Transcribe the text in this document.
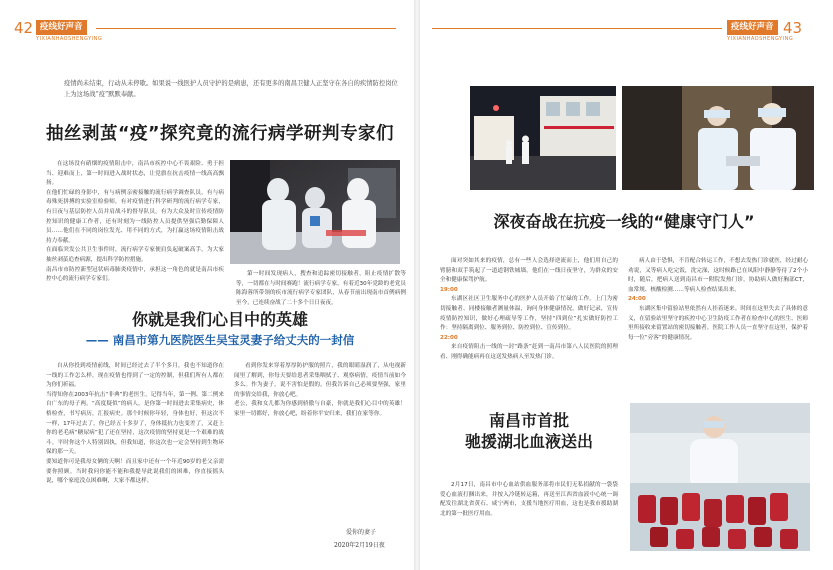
42 疫线好声音
YIXIANHAOSHENGYING
疫线好声音
YIXIANHAOSHENGYING
43
疫情尚未结束，行动从未停歇。如果说一线医护人员守护的是病患，还有更多的南昌卫健人正坚守在各自的疾情防控岗位上为这场战“疫”默默奉献。
抽丝剥茧“疫”探究竟的流行病学研判专家们
在这场没有硝烟的疫情阻击中，南昌市疾控中心不畏艰险、勇于担当、迎难而上，第一时间进入战时状态，让党旗在抗击疫情一线高高飘扬。
在他们忙碌的身影中，有与病例亲密接触的流行病学调查队员，有与病毒殊死拼搏的实验室检验师，有对疫情进行科学研判的流行病学专家，有日夜与基层防控人员并肩战斗的督导队员，有为大众及时宣传疫情防控知识的健康工作者，还有时刻为一线防控人员提供坚强后勤保障人员……他们在不同的岗位发光、用不同的方式，为打赢这场疫情阻击战持力奉献。
在面临突发公共卫生事件时，流行病学专家便肩负起破案高手，为大家抽丝剥茧追查病源，提出科学防控措施。
南昌市市防控新型冠状病毒肺炎疫情中，承担这一角色的就是南昌市疾控中心的流行病学专家们。
第一时间发现病人，搜查和追踪密切接触者，阻止疫情扩散等等，一切都在与时间赛跑！流行病学专家，有着近30年党龄的老党员陈海蓉所带领的疾市流行病学专家团队，从春节前出现南市首例病例至今，已连续奋战了二十多个日日夜夜。
你就是我们心目中的英雄
—— 南昌市第九医院医生吴宝灵妻子给丈夫的一封信
自从你投到疫情前线，时间已经过去了半个多月，我也不知道你在一线的工作怎么样，现在疫情也得到了一定的控制，但我们所有人都在为你们祈福。
当得知你在2003年抗击“非典”的老医生，记得当年，第一例、第二例来自广东的母子两，“高度疑似”的病人，是你第一时间进去采集病史，体格检查，书写病历，汇报病史。那个时候你年轻，身体也好，但这次不一样，17年过去了，你已经五十多岁了，身体抵抗力也变差了，又赶上你的老毛病“糖尿病”犯了还在坚持，这次疫情的坚持更是一个艰难的战斗。平时你这个人特别固执，但我知道，你这次也一定会坚持到生物环保的那一天。
要知道你可是我母女俩的天啊！而且家中还有一个年近90岁的老父亲需要你照顾。当时我问你能不能和我提导此说我们的困难，你直接摇头说，哪个家庭没点困难啊，大家不都这样。
看到你发来穿着厚厚防护服的照片，我的眼睛湿润了，从电视新闻里了解到，你每天要给患者采集咽拭子、观察病情，疫情当前如今多么。作为妻子，说不害怕是假的，但我告诉自己必须要坚强，家里的事情交给我，你放心吧。
老公，我和女儿都为你感到骄傲与自豪，你就是我们心目中的英雄！家里一切都好，你放心吧，盼着你平安归来，我们在家等你。
爱你的妻子
2020年2月19日夜
深夜奋战在抗疫一线的“健康守门人”

面对突如其来的疫情，总有一些人会选择逆流而上，他们用自己的臂膀和双手筑起了一道道钢铁城墙。他们在一线日夜坚守，为群众的安全和健康保驾护航。

19:00

东湖区社区卫生服务中心的医护人员开始了忙碌的工作。上门为密切接触者、同楼接触者测量体温，询问身体健康情况，做好记录，宣传疫情防控知识，做好心理疏导等工作，坚持“四到位”扎实做好防控工作：坚持隔离到位、服务到位、防控到位、宣传到位。

22:00

来自疫情阻击一线的一封“路条”赶到一南昌市第八人民医院的照理看、刚得确能病再在这送发热病人至发热门诊。

病人由于恐惧，不肯配合转运工作，不想去发热门诊就医，经过耐心劝说，又等病人吃完饭，洗完澡，这时候路已在凤阳中静静等待了2个小时，随后，把病人送到南昌市一附院发热门诊，协助病人做好胸部CT，血常规、核酸检测……等病人检查结果出来。

24:00

东湖区集中留验站里依然有人挂着迷来。时间在这里失去了具体的意义，在留验站里坚守的疾控中心卫生防疫工作者在检查中心的医生、医师里所接收来留置站的密切接触者。医院工作人员一直坚守在这里，保护着每一位“旁客”的健康情况。

南昌市首批
驰援湖北血液送出
2月17日，南昌市中心血站供血服务部将市民们无私捐献的一袋袋爱心血液打捆出来，并按入冷链转运箱，再送至江西省血液中心统一调配发往湖北省黄石、咸宁两市，支援当地医疗用血，这也是我市援助湖北的第一批医疗用血。
